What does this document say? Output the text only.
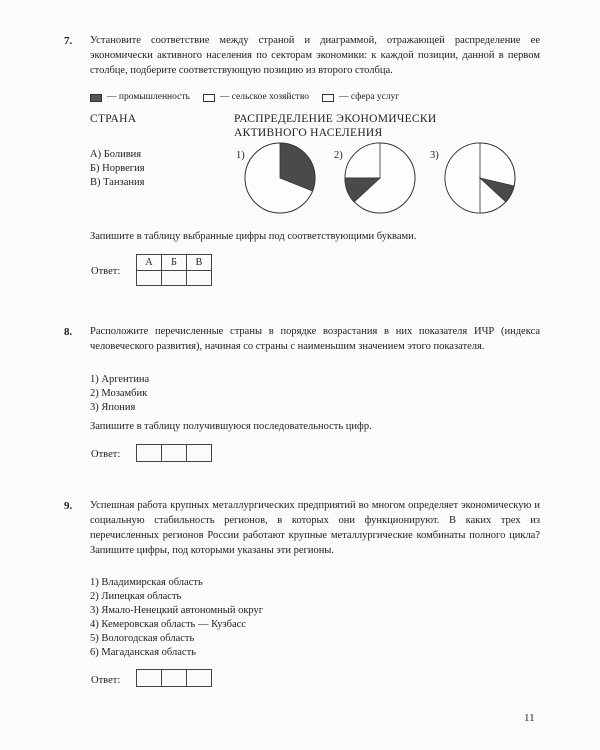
7. Установите соответствие между страной и диаграммой, отражающей распределение ее экономически активного населения по секторам экономики: к каждой позиции, данной в первом столбце, подберите соответствующую позицию из второго столбца.
— промышленность	— сельское хозяйство	— сфера услуг
СТРАНА	РАСПРЕДЕЛЕНИЕ ЭКОНОМИЧЕСКИ
АКТИВНОГО НАСЕЛЕНИЯ
А) Боливия
Б) Норвегия
В) Танзания
1)	2)	3)
Запишите в таблицу выбранные цифры под соответствующими буквами.
Ответ:
А	Б	В

8. Расположите перечисленные страны в порядке возрастания в них показателя ИЧР (индекса человеческого развития), начиная со страны с наименьшим значением этого показателя.
1) Аргентина
2) Мозамбик
3) Япония
Запишите в таблицу получившуюся последовательность цифр.
Ответ:
9. Успешная работа крупных металлургических предприятий во многом определяет экономическую и социальную стабильность регионов, в которых они функционируют. В каких трех из перечисленных регионов России работают крупные металлургические комбинаты полного цикла? Запишите цифры, под которыми указаны эти регионы.
1) Владимирская область
2) Липецкая область
3) Ямало-Ненецкий автономный округ
4) Кемеровская область — Кузбасс
5) Вологодская область
6) Магаданская область
Ответ:
11
